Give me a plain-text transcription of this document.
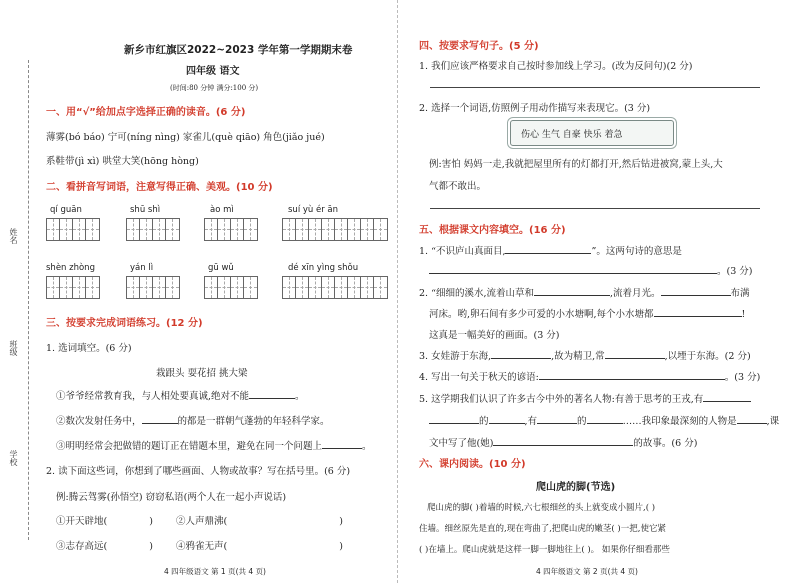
姓名
班级
学校
新乡市红旗区2022~2023 学年第一学期期末卷
四年级 语文
(时间:80 分钟 满分:100 分)
一、用“√”给加点字选择正确的读音。(6 分)
薄雾(bó báo) 宁可(níng nìng) 家雀儿(què qiāo) 角色(jiǎo jué)
系鞋带(jì xì) 哄堂大笑(hōng hòng)
二、看拼音写词语，注意写得正确、美观。(10 分)
qí guān	shū shì	ào mì	suí yù ér ān
shèn zhòng	yán lì	gū wǔ	dé xīn yìng shǒu
三、按要求完成词语练习。(12 分)
1. 选词填空。(6 分)
栽跟头 耍花招 挑大梁
①爷爷经常教育我，与人相处要真诚,绝对不能	。
②数次发射任务中，	的都是一群朝气蓬勃的年轻科学家。
③明明经常会把做错的题订正在错题本里，避免在同一个问题上	。
2. 读下面这些词，你想到了哪些画面、人物或故事？写在括号里。(6 分)
例:腾云驾雾(孙悟空) 窃窃私语(两个人在一起小声说话)
①开天辟地(	) ②人声鼎沸(	)
③志存高远(	) ④鸦雀无声(	)
4 四年级语文 第 1 页(共 4 页)
四、按要求写句子。(5 分)
1. 我们应该严格要求自己按时参加线上学习。(改为反问句)(2 分)
2. 选择一个词语,仿照例子用动作描写来表现它。(3 分)
伤心 生气 自豪 快乐 着急
例:害怕 妈妈一走,我就把屋里所有的灯都打开,然后钻进被窝,蒙上头,大
气都不敢出。
五、根据课文内容填空。(16 分)
1. “不识庐山真面目,	”。这两句诗的意思是
。(3 分)
2. “细细的溪水,流着山草和	,流着月光。	布满
河床。哟,卵石间有多少可爱的小水塘啊,每个小水塘都	!
这真是一幅美好的画面。(3 分)
3. 女娃游于东海,	,故为精卫,常	,以堙于东海。(2 分)
4. 写出一句关于秋天的谚语:	。(3 分)
5. 这学期我们认识了许多古今中外的著名人物:有善于思考的王戎,有
的	,有	的	……我印象最深刻的人物是	,课
文中写了他(她)	的故事。(6 分)
六、课内阅读。(10 分)
爬山虎的脚(节选)
爬山虎的脚( )着墙的时候,六七根细丝的头上就变成小圆片,( )
住墙。细丝原先是直的,现在弯曲了,把爬山虎的嫩茎( )一把,使它紧
( )在墙上。爬山虎就是这样一脚一脚地往上( )。 如果你仔细看那些
4 四年级语文 第 2 页(共 4 页)
